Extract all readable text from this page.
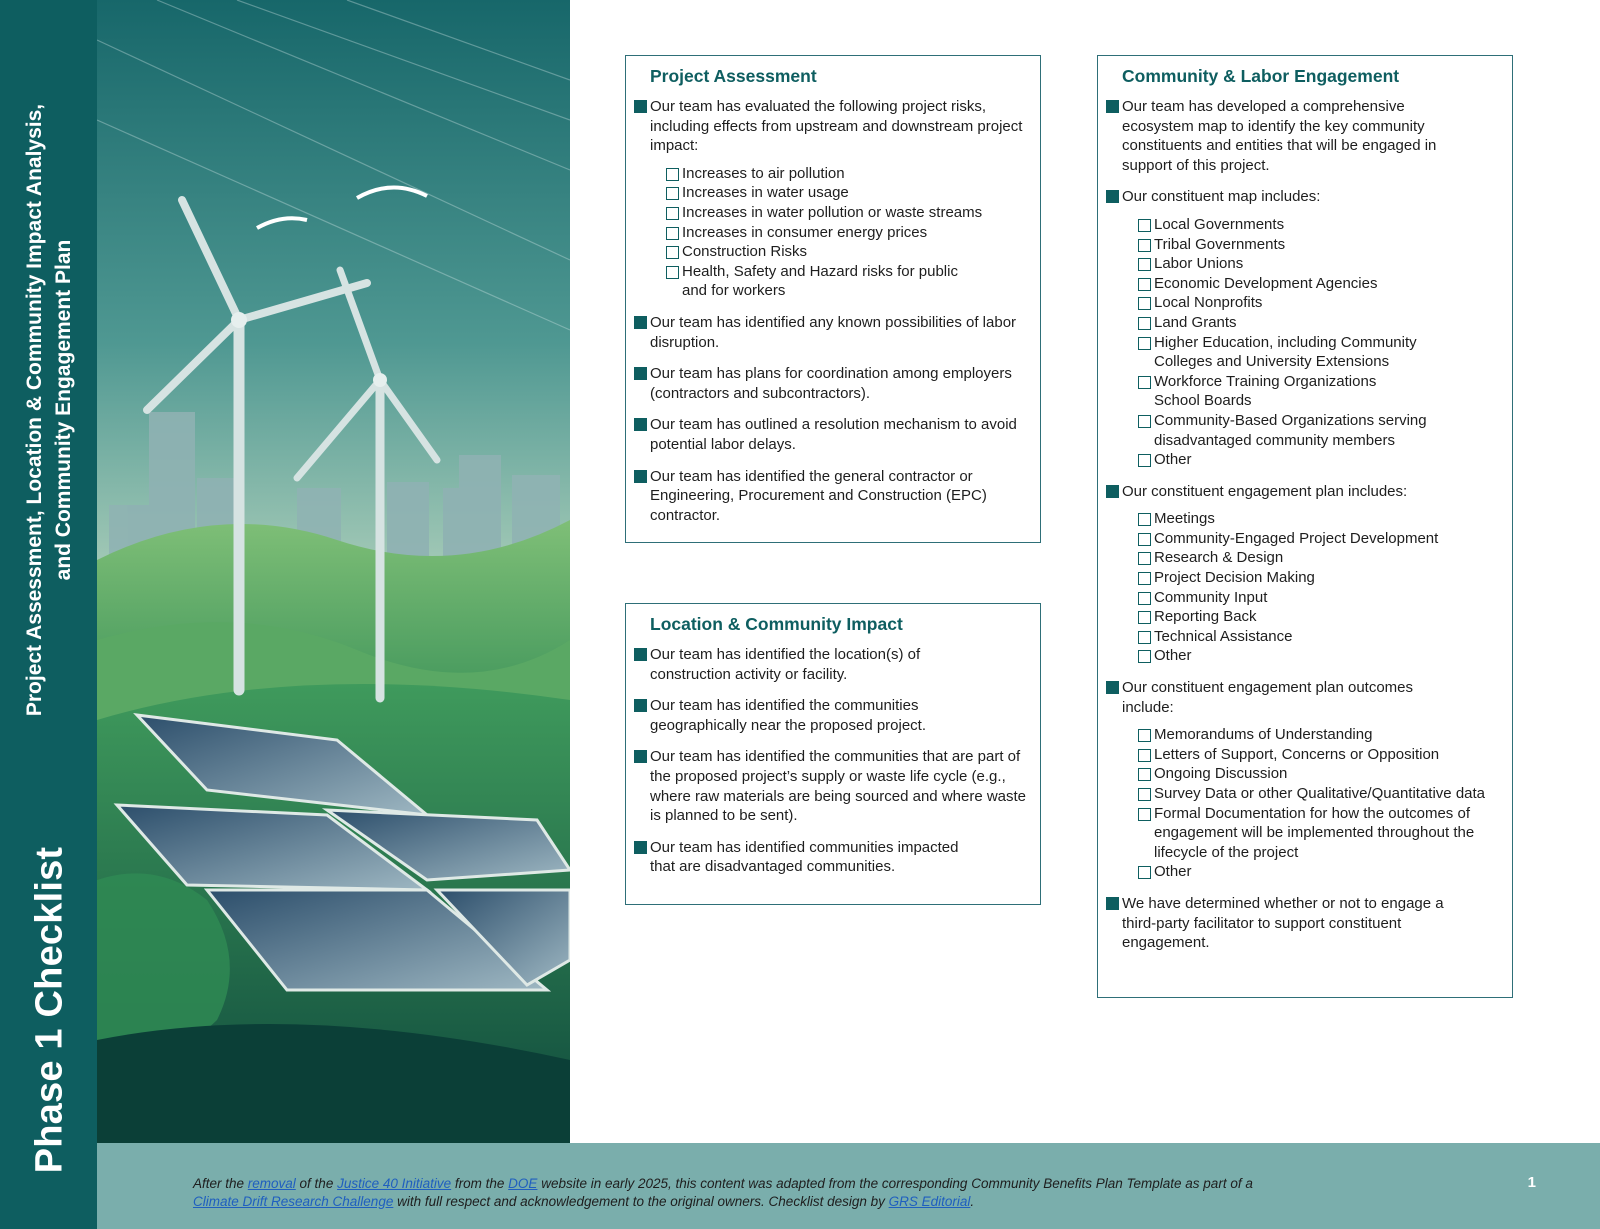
Project Assessment, Location & Community Impact Analysis, and Community Engagement Plan
Phase 1 Checklist
Project Assessment
Our team has evaluated the following project risks, including effects from upstream and downstream project impact:
Increases to air pollution
Increases in water usage
Increases in water pollution or waste streams
Increases in consumer energy prices
Construction Risks
Health, Safety and Hazard risks for public and for workers
Our team has identified any known possibilities of labor disruption.
Our team has plans for coordination among employers (contractors and subcontractors).
Our team has outlined a resolution mechanism to avoid potential labor delays.
Our team has identified the general contractor or Engineering, Procurement and Construction (EPC) contractor.
Location & Community Impact
Our team has identified the location(s) of construction activity or facility.
Our team has identified the communities geographically near the proposed project.
Our team has identified the communities that are part of the proposed project’s supply or waste life cycle (e.g., where raw materials are being sourced and where waste is planned to be sent).
Our team has identified communities impacted that are disadvantaged communities.
Community & Labor Engagement
Our team has developed a comprehensive ecosystem map to identify the key community constituents and entities that will be engaged in support of this project.
Our constituent map includes:
Local Governments
Tribal Governments
Labor Unions
Economic Development Agencies
Local Nonprofits
Land Grants
Higher Education, including Community Colleges and University Extensions
Workforce Training Organizations
School Boards
Community-Based Organizations serving disadvantaged community members
Other
Our constituent engagement plan includes:
Meetings
Community-Engaged Project Development
Research & Design
Project Decision Making
Community Input
Reporting Back
Technical Assistance
Other
Our constituent engagement plan outcomes include:
Memorandums of Understanding
Letters of Support, Concerns or Opposition
Ongoing Discussion
Survey Data or other Qualitative/Quantitative data
Formal Documentation for how the outcomes of engagement will be implemented throughout the lifecycle of the project
Other
We have determined whether or not to engage a third-party facilitator to support constituent engagement.
After the removal of the Justice 40 Initiative from the DOE website in early 2025, this content was adapted from the corresponding Community Benefits Plan Template as part of a
Climate Drift Research Challenge with full respect and acknowledgement to the original owners. Checklist design by GRS Editorial.
1
